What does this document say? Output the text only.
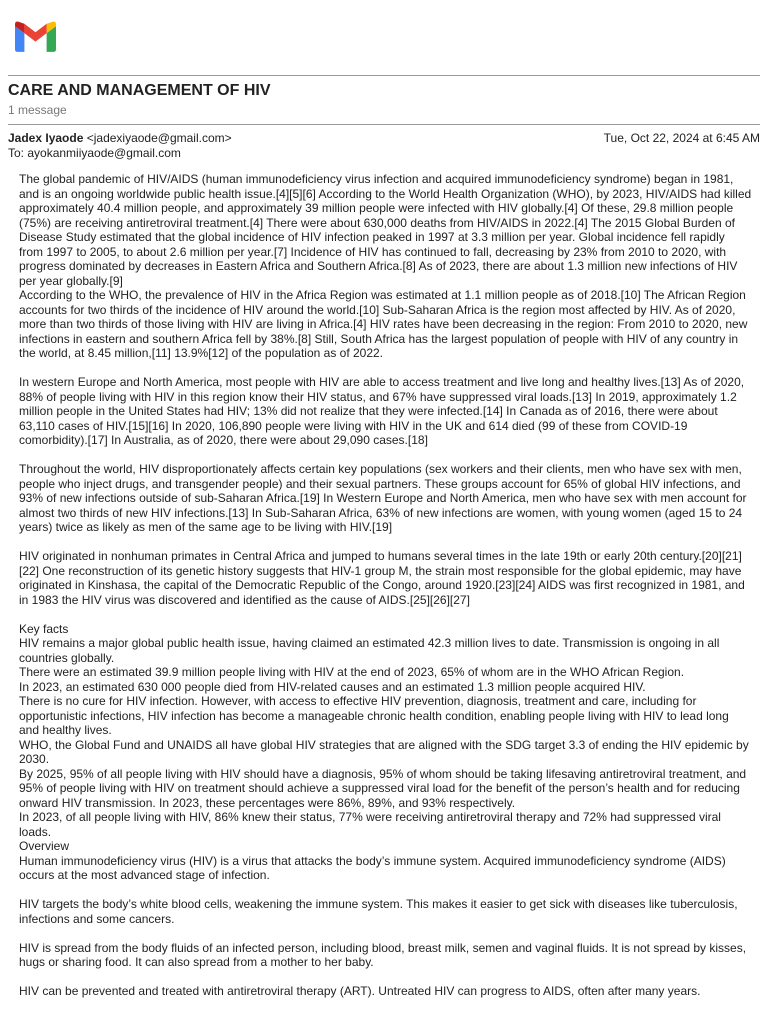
CARE AND MANAGEMENT OF HIV
1 message
Jadex Iyaode <jadexiyaode@gmail.com>	Tue, Oct 22, 2024 at 6:45 AM
To: ayokanmiiyaode@gmail.com

The global pandemic of HIV/AIDS (human immunodeficiency virus infection and acquired immunodeficiency syndrome) began in 1981, and is an ongoing worldwide public health issue.[4][5][6] According to the World Health Organization (WHO), by 2023, HIV/AIDS had killed approximately 40.4 million people, and approximately 39 million people were infected with HIV globally.[4] Of these, 29.8 million people (75%) are receiving antiretroviral treatment.[4] There were about 630,000 deaths from HIV/AIDS in 2022.[4] The 2015 Global Burden of Disease Study estimated that the global incidence of HIV infection peaked in 1997 at 3.3 million per year. Global incidence fell rapidly from 1997 to 2005, to about 2.6 million per year.[7] Incidence of HIV has continued to fall, decreasing by 23% from 2010 to 2020, with progress dominated by decreases in Eastern Africa and Southern Africa.[8] As of 2023, there are about 1.3 million new infections of HIV per year globally.[9]

According to the WHO, the prevalence of HIV in the Africa Region was estimated at 1.1 million people as of 2018.[10] The African Region accounts for two thirds of the incidence of HIV around the world.[10] Sub-Saharan Africa is the region most affected by HIV. As of 2020, more than two thirds of those living with HIV are living in Africa.[4] HIV rates have been decreasing in the region: From 2010 to 2020, new infections in eastern and southern Africa fell by 38%.[8] Still, South Africa has the largest population of people with HIV of any country in the world, at 8.45 million,[11] 13.9%[12] of the population as of 2022.

In western Europe and North America, most people with HIV are able to access treatment and live long and healthy lives.[13] As of 2020, 88% of people living with HIV in this region know their HIV status, and 67% have suppressed viral loads.[13] In 2019, approximately 1.2 million people in the United States had HIV; 13% did not realize that they were infected.[14] In Canada as of 2016, there were about 63,110 cases of HIV.[15][16] In 2020, 106,890 people were living with HIV in the UK and 614 died (99 of these from COVID-19 comorbidity).[17] In Australia, as of 2020, there were about 29,090 cases.[18]

Throughout the world, HIV disproportionately affects certain key populations (sex workers and their clients, men who have sex with men, people who inject drugs, and transgender people) and their sexual partners. These groups account for 65% of global HIV infections, and 93% of new infections outside of sub-Saharan Africa.[19] In Western Europe and North America, men who have sex with men account for almost two thirds of new HIV infections.[13] In Sub-Saharan Africa, 63% of new infections are women, with young women (aged 15 to 24 years) twice as likely as men of the same age to be living with HIV.[19]

HIV originated in nonhuman primates in Central Africa and jumped to humans several times in the late 19th or early 20th century.[20][21][22] One reconstruction of its genetic history suggests that HIV-1 group M, the strain most responsible for the global epidemic, may have originated in Kinshasa, the capital of the Democratic Republic of the Congo, around 1920.[23][24] AIDS was first recognized in 1981, and in 1983 the HIV virus was discovered and identified as the cause of AIDS.[25][26][27]

Key facts

HIV remains a major global public health issue, having claimed an estimated 42.3 million lives to date. Transmission is ongoing in all countries globally.

There were an estimated 39.9 million people living with HIV at the end of 2023, 65% of whom are in the WHO African Region.

In 2023, an estimated 630 000 people died from HIV-related causes and an estimated 1.3 million people acquired HIV.

There is no cure for HIV infection. However, with access to effective HIV prevention, diagnosis, treatment and care, including for opportunistic infections, HIV infection has become a manageable chronic health condition, enabling people living with HIV to lead long and healthy lives.

WHO, the Global Fund and UNAIDS all have global HIV strategies that are aligned with the SDG target 3.3 of ending the HIV epidemic by 2030.

By 2025, 95% of all people living with HIV should have a diagnosis, 95% of whom should be taking lifesaving antiretroviral treatment, and 95% of people living with HIV on treatment should achieve a suppressed viral load for the benefit of the person’s health and for reducing onward HIV transmission. In 2023, these percentages were 86%, 89%, and 93% respectively.

In 2023, of all people living with HIV, 86% knew their status, 77% were receiving antiretroviral therapy and 72% had suppressed viral loads.

Overview

Human immunodeficiency virus (HIV) is a virus that attacks the body’s immune system. Acquired immunodeficiency syndrome (AIDS) occurs at the most advanced stage of infection.

HIV targets the body’s white blood cells, weakening the immune system. This makes it easier to get sick with diseases like tuberculosis, infections and some cancers.

HIV is spread from the body fluids of an infected person, including blood, breast milk, semen and vaginal fluids. It is not spread by kisses, hugs or sharing food. It can also spread from a mother to her baby.

HIV can be prevented and treated with antiretroviral therapy (ART). Untreated HIV can progress to AIDS, often after many years.
